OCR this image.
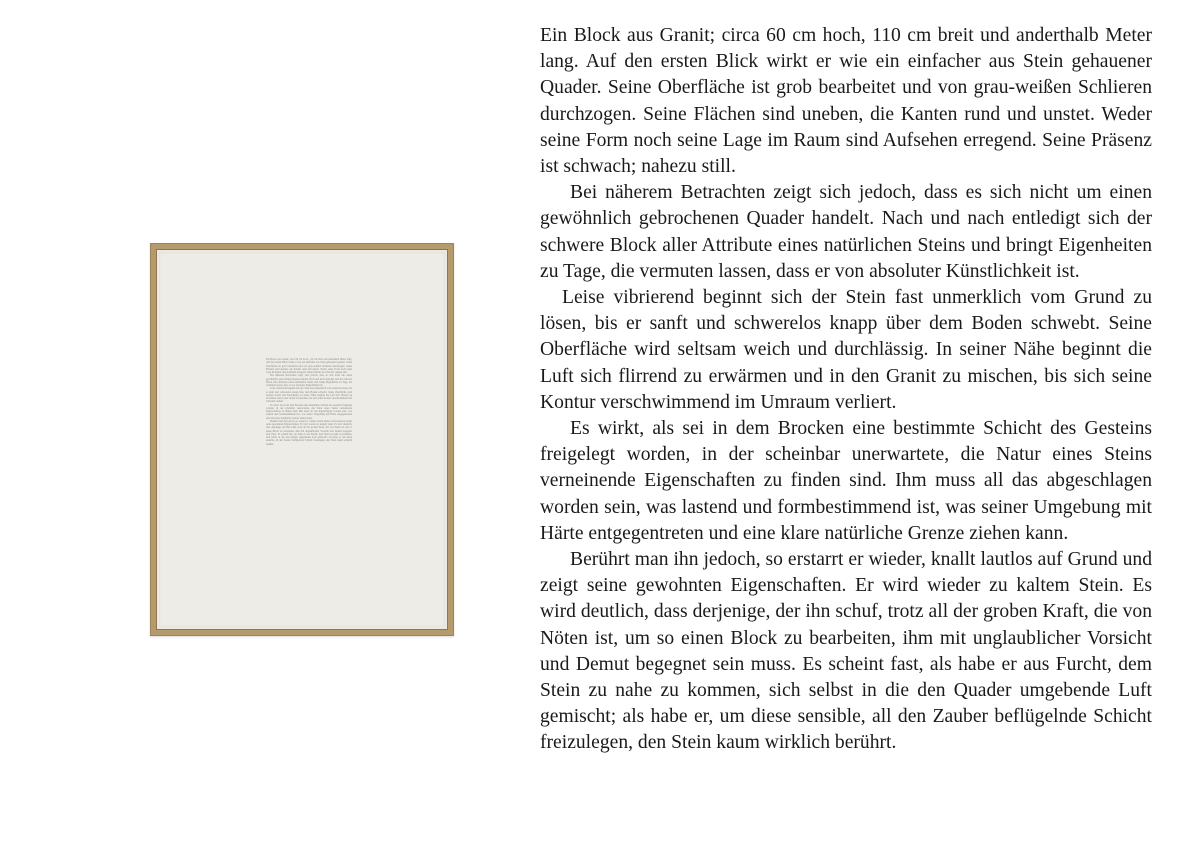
Ein Block aus Granit; circa 60 cm hoch, 110 cm breit und anderthalb Meter lang. Auf den ersten Blick wirkt er wie ein einfacher aus Stein gehauener Quader. Seine Oberfläche ist grob bearbeitet und von grau-weißen Schlieren durchzogen. Seine Flächen sind uneben, die Kanten rund und unstet. Weder seine Form noch seine Lage im Raum sind Aufsehen erregend. Seine Präsenz ist schwach; nahezu still.

Bei näherem Betrachten zeigt sich jedoch, dass es sich nicht um einen gewöhnlich gebrochenen Quader handelt. Nach und nach entledigt sich der schwere Block aller Attribute eines natürlichen Steins und bringt Eigenheiten zu Tage, die vermuten lassen, dass er von absoluter Künstlichkeit ist.

Leise vibrierend beginnt sich der Stein fast unmerklich vom Grund zu lösen, bis er sanft und schwerelos knapp über dem Boden schwebt. Seine Oberfläche wird seltsam weich und durchlässig. In seiner Nähe beginnt die Luft sich flirrend zu erwärmen und in den Granit zu mischen, bis sich seine Kontur verschwimmend im Umraum verliert.

Es wirkt, als sei in dem Brocken eine bestimmte Schicht des Gesteins freigelegt worden, in der scheinbar unerwartete, die Natur eines Steins verneinende Eigenschaften zu finden sind. Ihm muss all das abgeschlagen worden sein, was lastend und formbestimmend ist, was seiner Umgebung mit Härte entgegentreten und eine klare natürliche Grenze ziehen kann.

Berührt man ihn jedoch, so erstarrt er wieder, knallt lautlos auf Grund und zeigt seine gewohnten Eigenschaften. Er wird wieder zu kaltem Stein. Es wird deutlich, dass derjenige, der ihn schuf, trotz all der groben Kraft, die von Nöten ist, um so einen Block zu bearbeiten, ihm mit unglaublicher Vorsicht und Demut begegnet sein muss. Es scheint fast, als habe er aus Furcht, dem Stein zu nahe zu kommen, sich selbst in die den Quader umgebende Luft gemischt; als habe er, um diese sensible, all den Zauber beflügelnde Schicht freizulegen, den Stein kaum wirklich berührt.

Ein Block aus Granit; circa 60 cm hoch, 110 cm breit und anderthalb Meter lang. Auf den ersten Blick wirkt er wie ein einfacher aus Stein gehauener Quader. Seine Oberfläche ist grob bearbeitet und von grau-weißen Schlieren durchzogen. Seine Flächen sind uneben, die Kanten rund und unstet. Weder seine Form noch seine Lage im Raum sind Aufsehen erregend. Seine Präsenz ist schwach; nahezu still.

Bei näherem Betrachten zeigt sich jedoch, dass es sich nicht um einen gewöhnlich gebrochenen Quader handelt. Nach und nach entledigt sich der schwere Block aller Attribute eines natürlichen Steins und bringt Eigenheiten zu Tage, die vermuten lassen, dass er von absoluter Künstlichkeit ist.

Leise vibrierend beginnt sich der Stein fast unmerklich vom Grund zu lösen, bis er sanft und schwerelos knapp über dem Boden schwebt. Seine Oberfläche wird seltsam weich und durchlässig. In seiner Nähe beginnt die Luft sich flirrend zu erwärmen und in den Granit zu mischen, bis sich seine Kontur verschwimmend im Umraum verliert.

Es wirkt, als sei in dem Brocken eine bestimmte Schicht des Gesteins freigelegt worden, in der scheinbar unerwartete, die Natur eines Steins verneinende Eigenschaften zu finden sind. Ihm muss all das abgeschlagen worden sein, was lastend und formbestimmend ist, was seiner Umgebung mit Härte entgegentreten und eine klare natürliche Grenze ziehen kann.

Berührt man ihn jedoch, so erstarrt er wieder, knallt lautlos auf Grund und zeigt seine gewohnten Eigenschaften. Er wird wieder zu kaltem Stein. Es wird deutlich, dass derjenige, der ihn schuf, trotz all der groben Kraft, die von Nöten ist, um so einen Block zu bearbeiten, ihm mit unglaublicher Vorsicht und Demut begegnet sein muss. Es scheint fast, als habe er aus Furcht, dem Stein zu nahe zu kommen, sich selbst in die den Quader umgebende Luft gemischt; als habe er, um diese sensible, all den Zauber beflügelnde Schicht freizulegen, den Stein kaum wirklich berührt.
